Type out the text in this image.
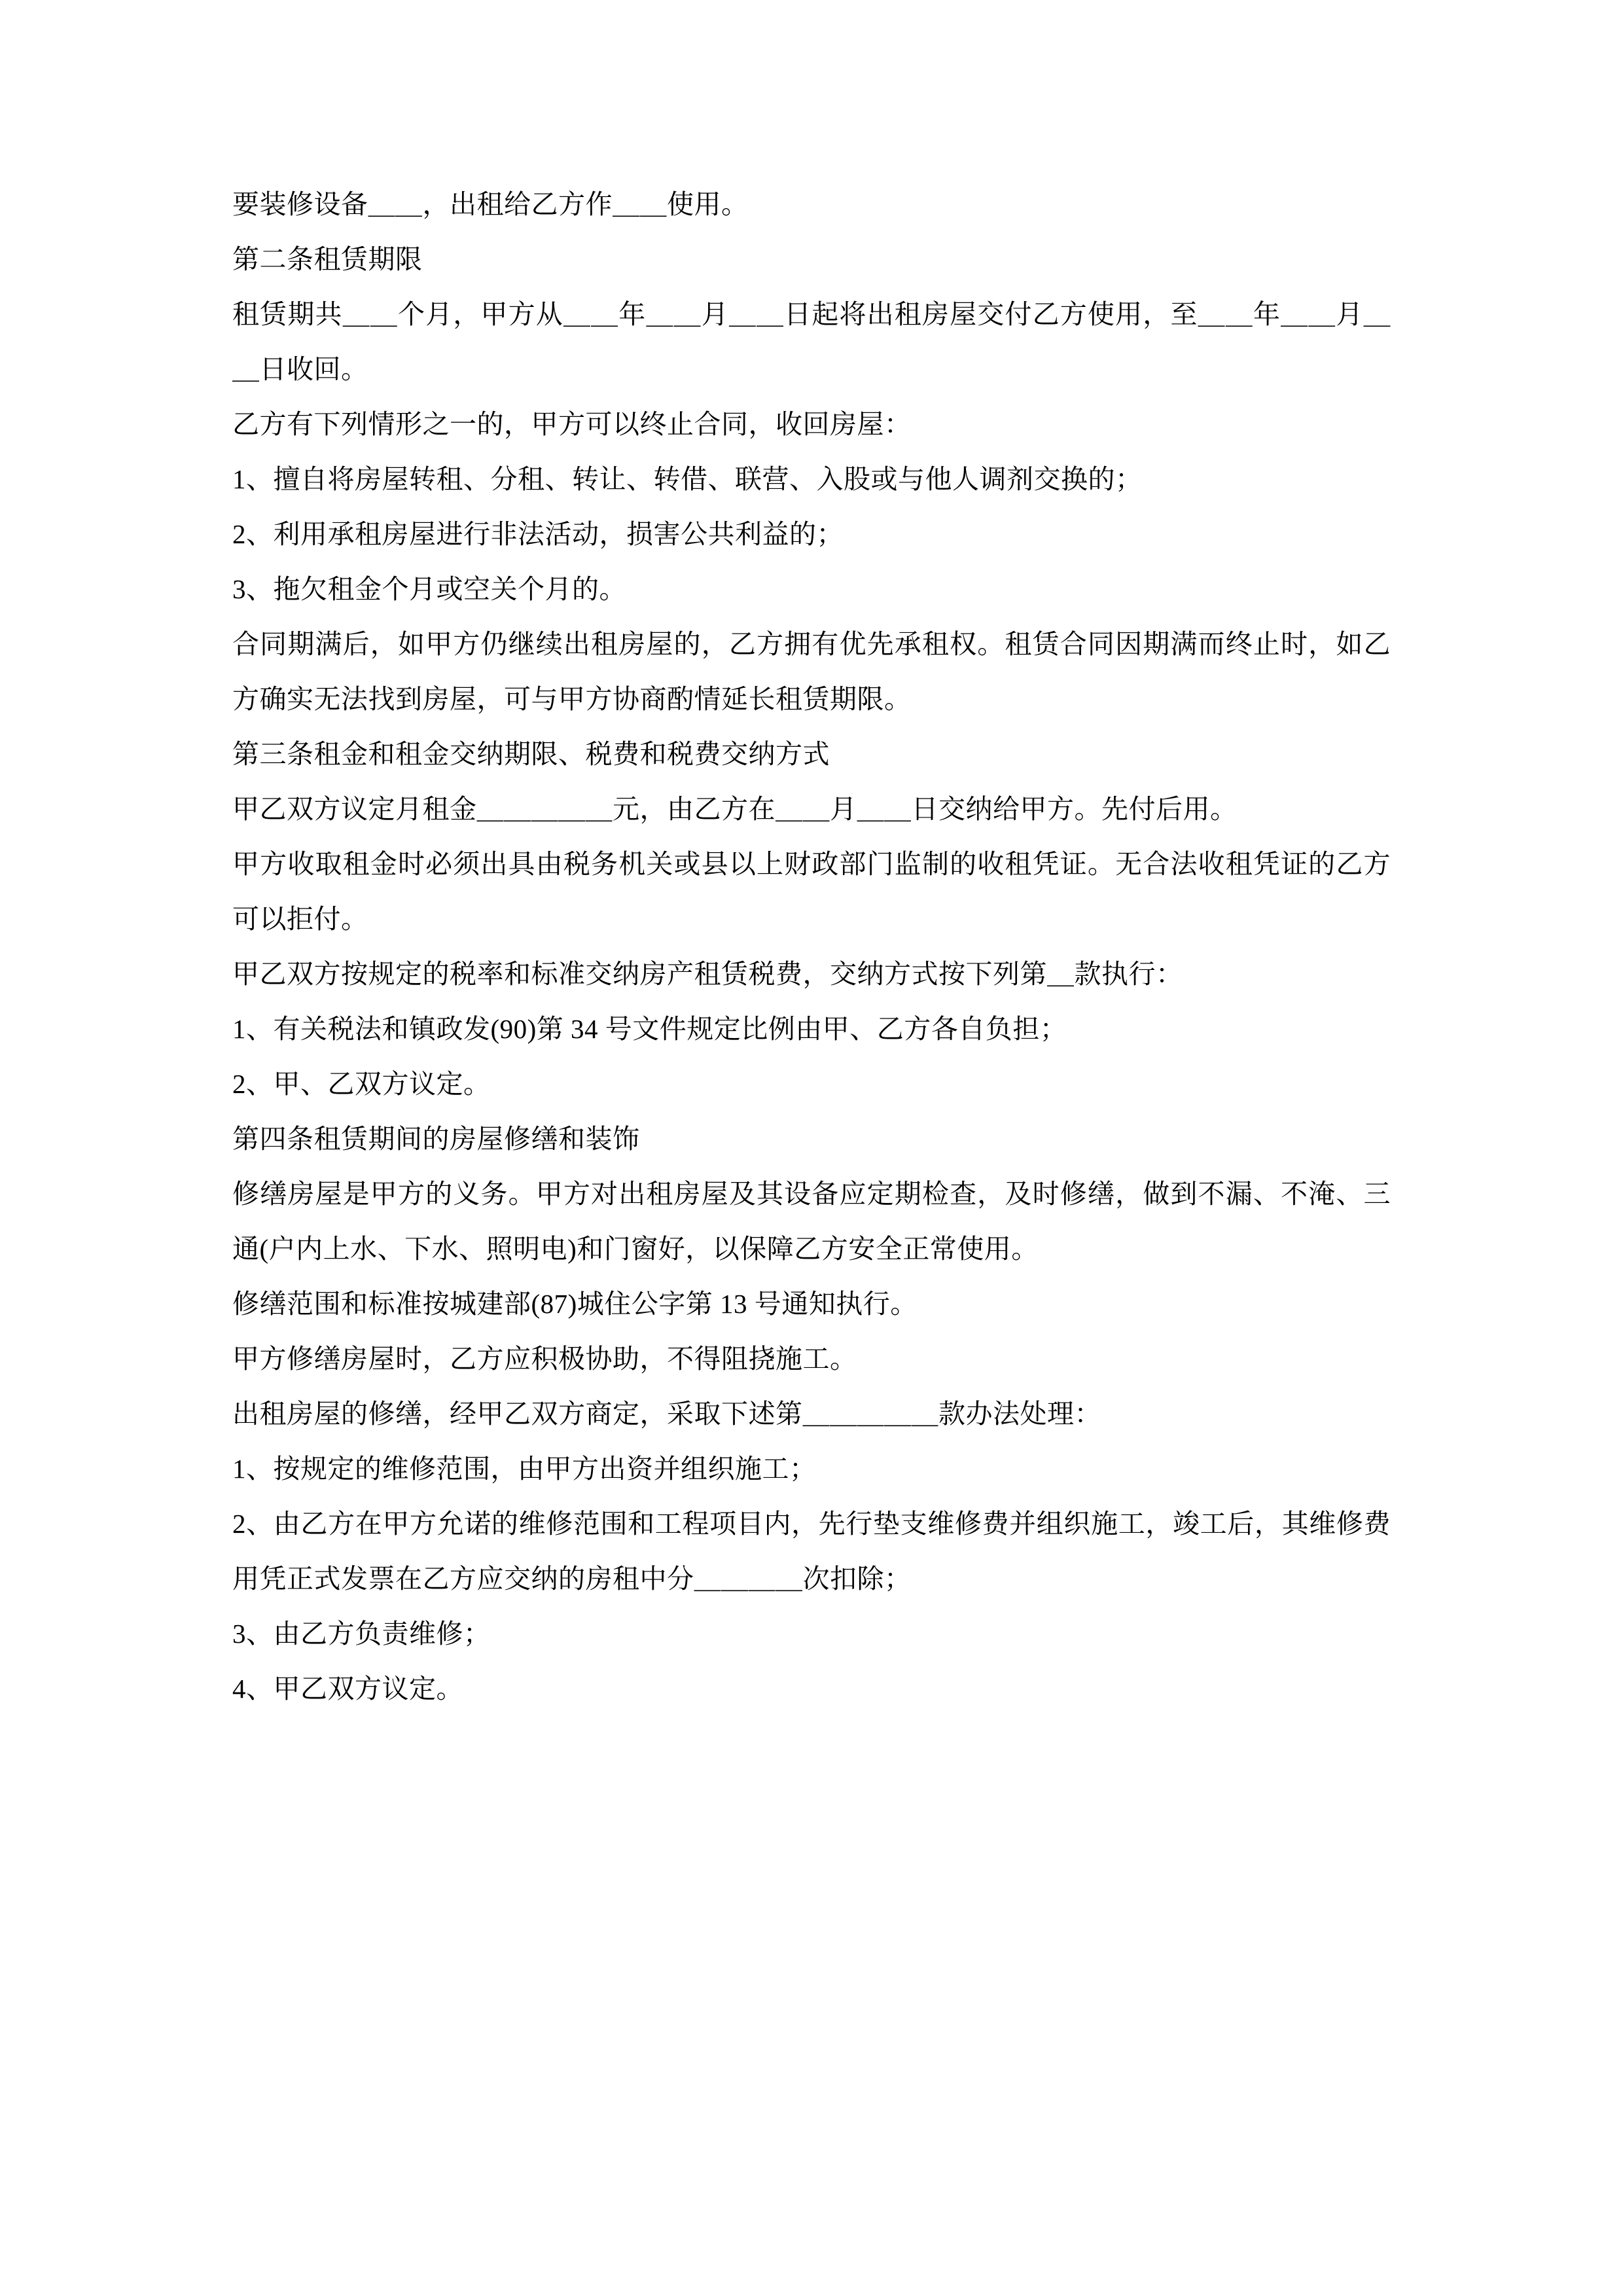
要装修设备＿＿，出租给乙方作＿＿使用。

第二条租赁期限

租赁期共＿＿个月，甲方从＿＿年＿＿月＿＿日起将出租房屋交付乙方使用，至＿＿年＿＿月＿＿日收回。

乙方有下列情形之一的，甲方可以终止合同，收回房屋：

1、擅自将房屋转租、分租、转让、转借、联营、入股或与他人调剂交换的；

2、利用承租房屋进行非法活动，损害公共利益的；

3、拖欠租金个月或空关个月的。

合同期满后，如甲方仍继续出租房屋的，乙方拥有优先承租权。租赁合同因期满而终止时，如乙方确实无法找到房屋，可与甲方协商酌情延长租赁期限。

第三条租金和租金交纳期限、税费和税费交纳方式

甲乙双方议定月租金＿＿＿＿＿元，由乙方在＿＿月＿＿日交纳给甲方。先付后用。

甲方收取租金时必须出具由税务机关或县以上财政部门监制的收租凭证。无合法收租凭证的乙方可以拒付。

甲乙双方按规定的税率和标准交纳房产租赁税费，交纳方式按下列第＿款执行：

1、有关税法和镇政发(90)第 34 号文件规定比例由甲、乙方各自负担；

2、甲、乙双方议定。

第四条租赁期间的房屋修缮和装饰

修缮房屋是甲方的义务。甲方对出租房屋及其设备应定期检查，及时修缮，做到不漏、不淹、三通(户内上水、下水、照明电)和门窗好，以保障乙方安全正常使用。

修缮范围和标准按城建部(87)城住公字第 13 号通知执行。

甲方修缮房屋时，乙方应积极协助，不得阻挠施工。

出租房屋的修缮，经甲乙双方商定，采取下述第＿＿＿＿＿款办法处理：

1、按规定的维修范围，由甲方出资并组织施工；

2、由乙方在甲方允诺的维修范围和工程项目内，先行垫支维修费并组织施工，竣工后，其维修费用凭正式发票在乙方应交纳的房租中分＿＿＿＿次扣除；

3、由乙方负责维修；

4、甲乙双方议定。
